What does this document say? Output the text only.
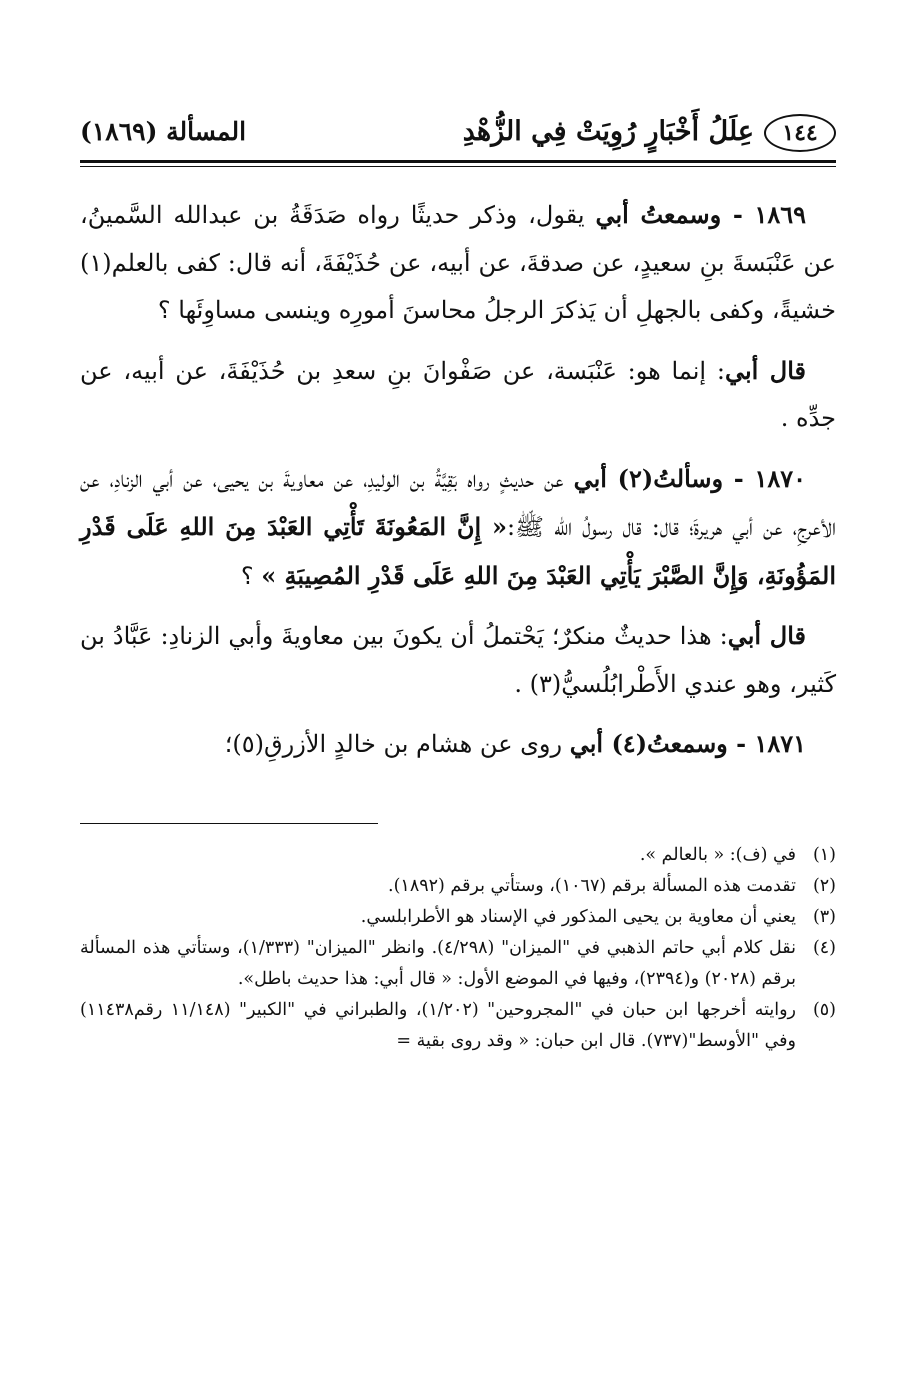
١٤٤
عِلَلُ أَخْبَارٍ رُوِيَتْ فِي الزُّهْدِ
المسألة (١٨٦٩)

١٨٦٩ - وسمعتُ أبي يقول، وذكر حديثًا رواه صَدَقَةُ بن عبدالله السَّمينُ، عن عَنْبَسةَ بنِ سعيدٍ، عن صدقةَ، عن أبيه، عن حُذَيْفَةَ، أنه قال: كفى بالعلم(١) خشيةً، وكفى بالجهلِ أن يَذكرَ الرجلُ محاسنَ أمورِه وينسى مساوِئَها ؟

قال أبي: إنما هو: عَنْبَسة، عن صَفْوانَ بنِ سعدِ بن حُذَيْفَةَ، عن أبيه، عن جدِّه .

١٨٧٠ - وسألتُ(٢) أبي عن حديثٍ رواه بَقِيَّةُ بن الوليدِ، عن معاويةَ بن يحيى، عن أبي الزنادِ، عن الأعرجِ، عن أبي هريرةَ؛ قال: قال رسولُ الله ﷺ:« إِنَّ المَعُونَةَ تَأْتِي العَبْدَ مِنَ اللهِ عَلَى قَدْرِ المَؤُونَةِ، وَإِنَّ الصَّبْرَ يَأْتِي العَبْدَ مِنَ اللهِ عَلَى قَدْرِ المُصِيبَةِ » ؟

قال أبي: هذا حديثٌ منكرٌ؛ يَحْتملُ أن يكونَ بين معاويةَ وأبي الزنادِ: عَبَّادُ بن كَثير، وهو عندي الأَطْرابُلُسيُّ(٣) .

١٨٧١ - وسمعتُ(٤) أبي روى عن هشام بن خالدٍ الأزرقِ(٥)؛

(١)
في (ف): « بالعالم ».
(٢)
تقدمت هذه المسألة برقم (١٠٦٧)، وستأتي برقم (١٨٩٢).
(٣)
يعني أن معاوية بن يحيى المذكور في الإسناد هو الأطرابلسي.
(٤)
نقل كلام أبي حاتم الذهبي في "الميزان" (٤/٢٩٨). وانظر "الميزان" (١/٣٣٣)، وستأتي هذه المسألة برقم (٢٠٢٨) و(٢٣٩٤)، وفيها في الموضع الأول: « قال أبي: هذا حديث باطل».
(٥)
روايته أخرجها ابن حبان في "المجروحين" (١/٢٠٢)، والطبراني في "الكبير" (١١/١٤٨ رقم١١٤٣٨) وفي "الأوسط"(٧٣٧). قال ابن حبان: « وقد روى بقية =
